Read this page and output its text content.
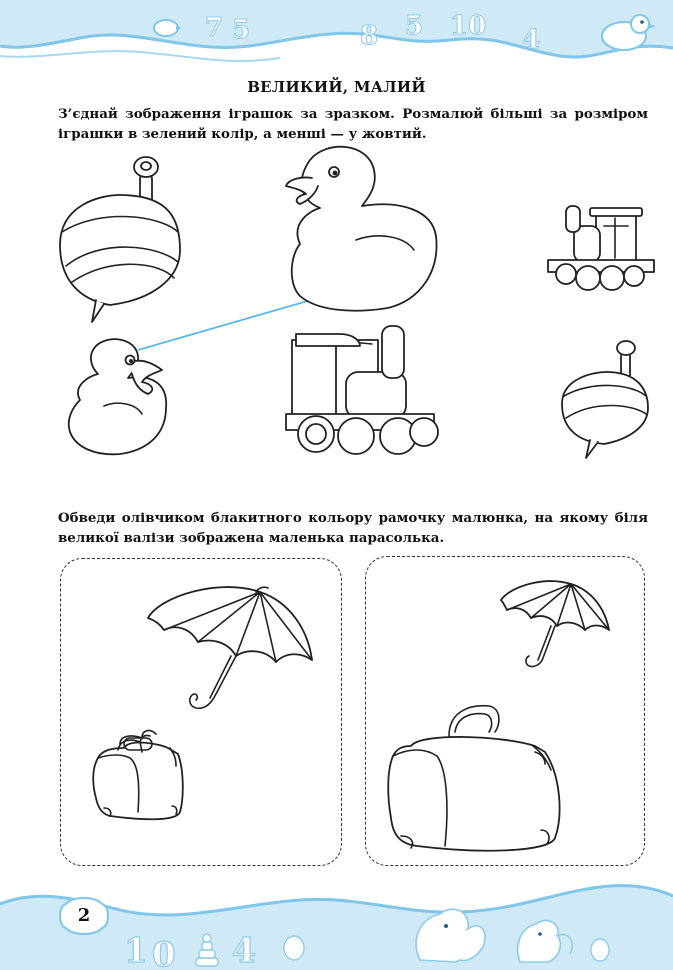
7 5	8 5 10 4
ВЕЛИКИЙ, МАЛИЙ
З’єднай зображення іграшок за зразком. Розмалюй більші за розміром іграшки в зелений колір, а менші — у жовтий.
Обведи олівчиком блакитного кольору рамочку малюнка, на якому біля великої валізи зображена маленька парасолька.
1 0 4
2
